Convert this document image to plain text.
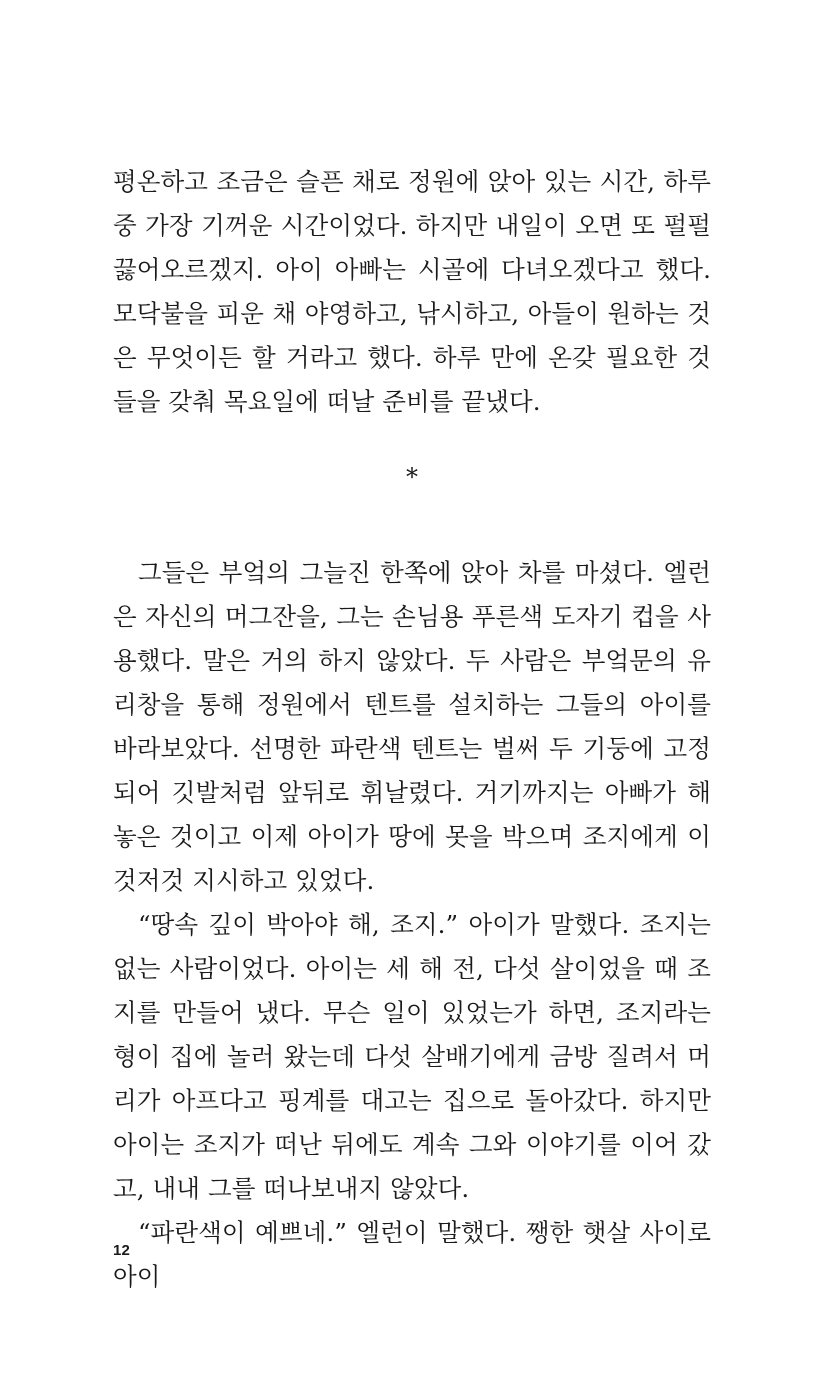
평온하고 조금은 슬픈 채로 정원에 앉아 있는 시간, 하루 중 가장 기꺼운 시간이었다. 하지만 내일이 오면 또 펄펄 끓어오르겠지. 아이 아빠는 시골에 다녀오겠다고 했다. 모닥불을 피운 채 야영하고, 낚시하고, 아들이 원하는 것은 무엇이든 할 거라고 했다. 하루 만에 온갖 필요한 것들을 갖춰 목요일에 떠날 준비를 끝냈다.

*

그들은 부엌의 그늘진 한쪽에 앉아 차를 마셨다. 엘런은 자신의 머그잔을, 그는 손님용 푸른색 도자기 컵을 사용했다. 말은 거의 하지 않았다. 두 사람은 부엌문의 유리창을 통해 정원에서 텐트를 설치하는 그들의 아이를 바라보았다. 선명한 파란색 텐트는 벌써 두 기둥에 고정되어 깃발처럼 앞뒤로 휘날렸다. 거기까지는 아빠가 해 놓은 것이고 이제 아이가 땅에 못을 박으며 조지에게 이것저것 지시하고 있었다.

“땅속 깊이 박아야 해, 조지.” 아이가 말했다. 조지는 없는 사람이었다. 아이는 세 해 전, 다섯 살이었을 때 조지를 만들어 냈다. 무슨 일이 있었는가 하면, 조지라는 형이 집에 놀러 왔는데 다섯 살배기에게 금방 질려서 머리가 아프다고 핑계를 대고는 집으로 돌아갔다. 하지만 아이는 조지가 떠난 뒤에도 계속 그와 이야기를 이어 갔고, 내내 그를 떠나보내지 않았다.

“파란색이 예쁘네.” 엘런이 말했다. 쨍한 햇살 사이로 아이

12
